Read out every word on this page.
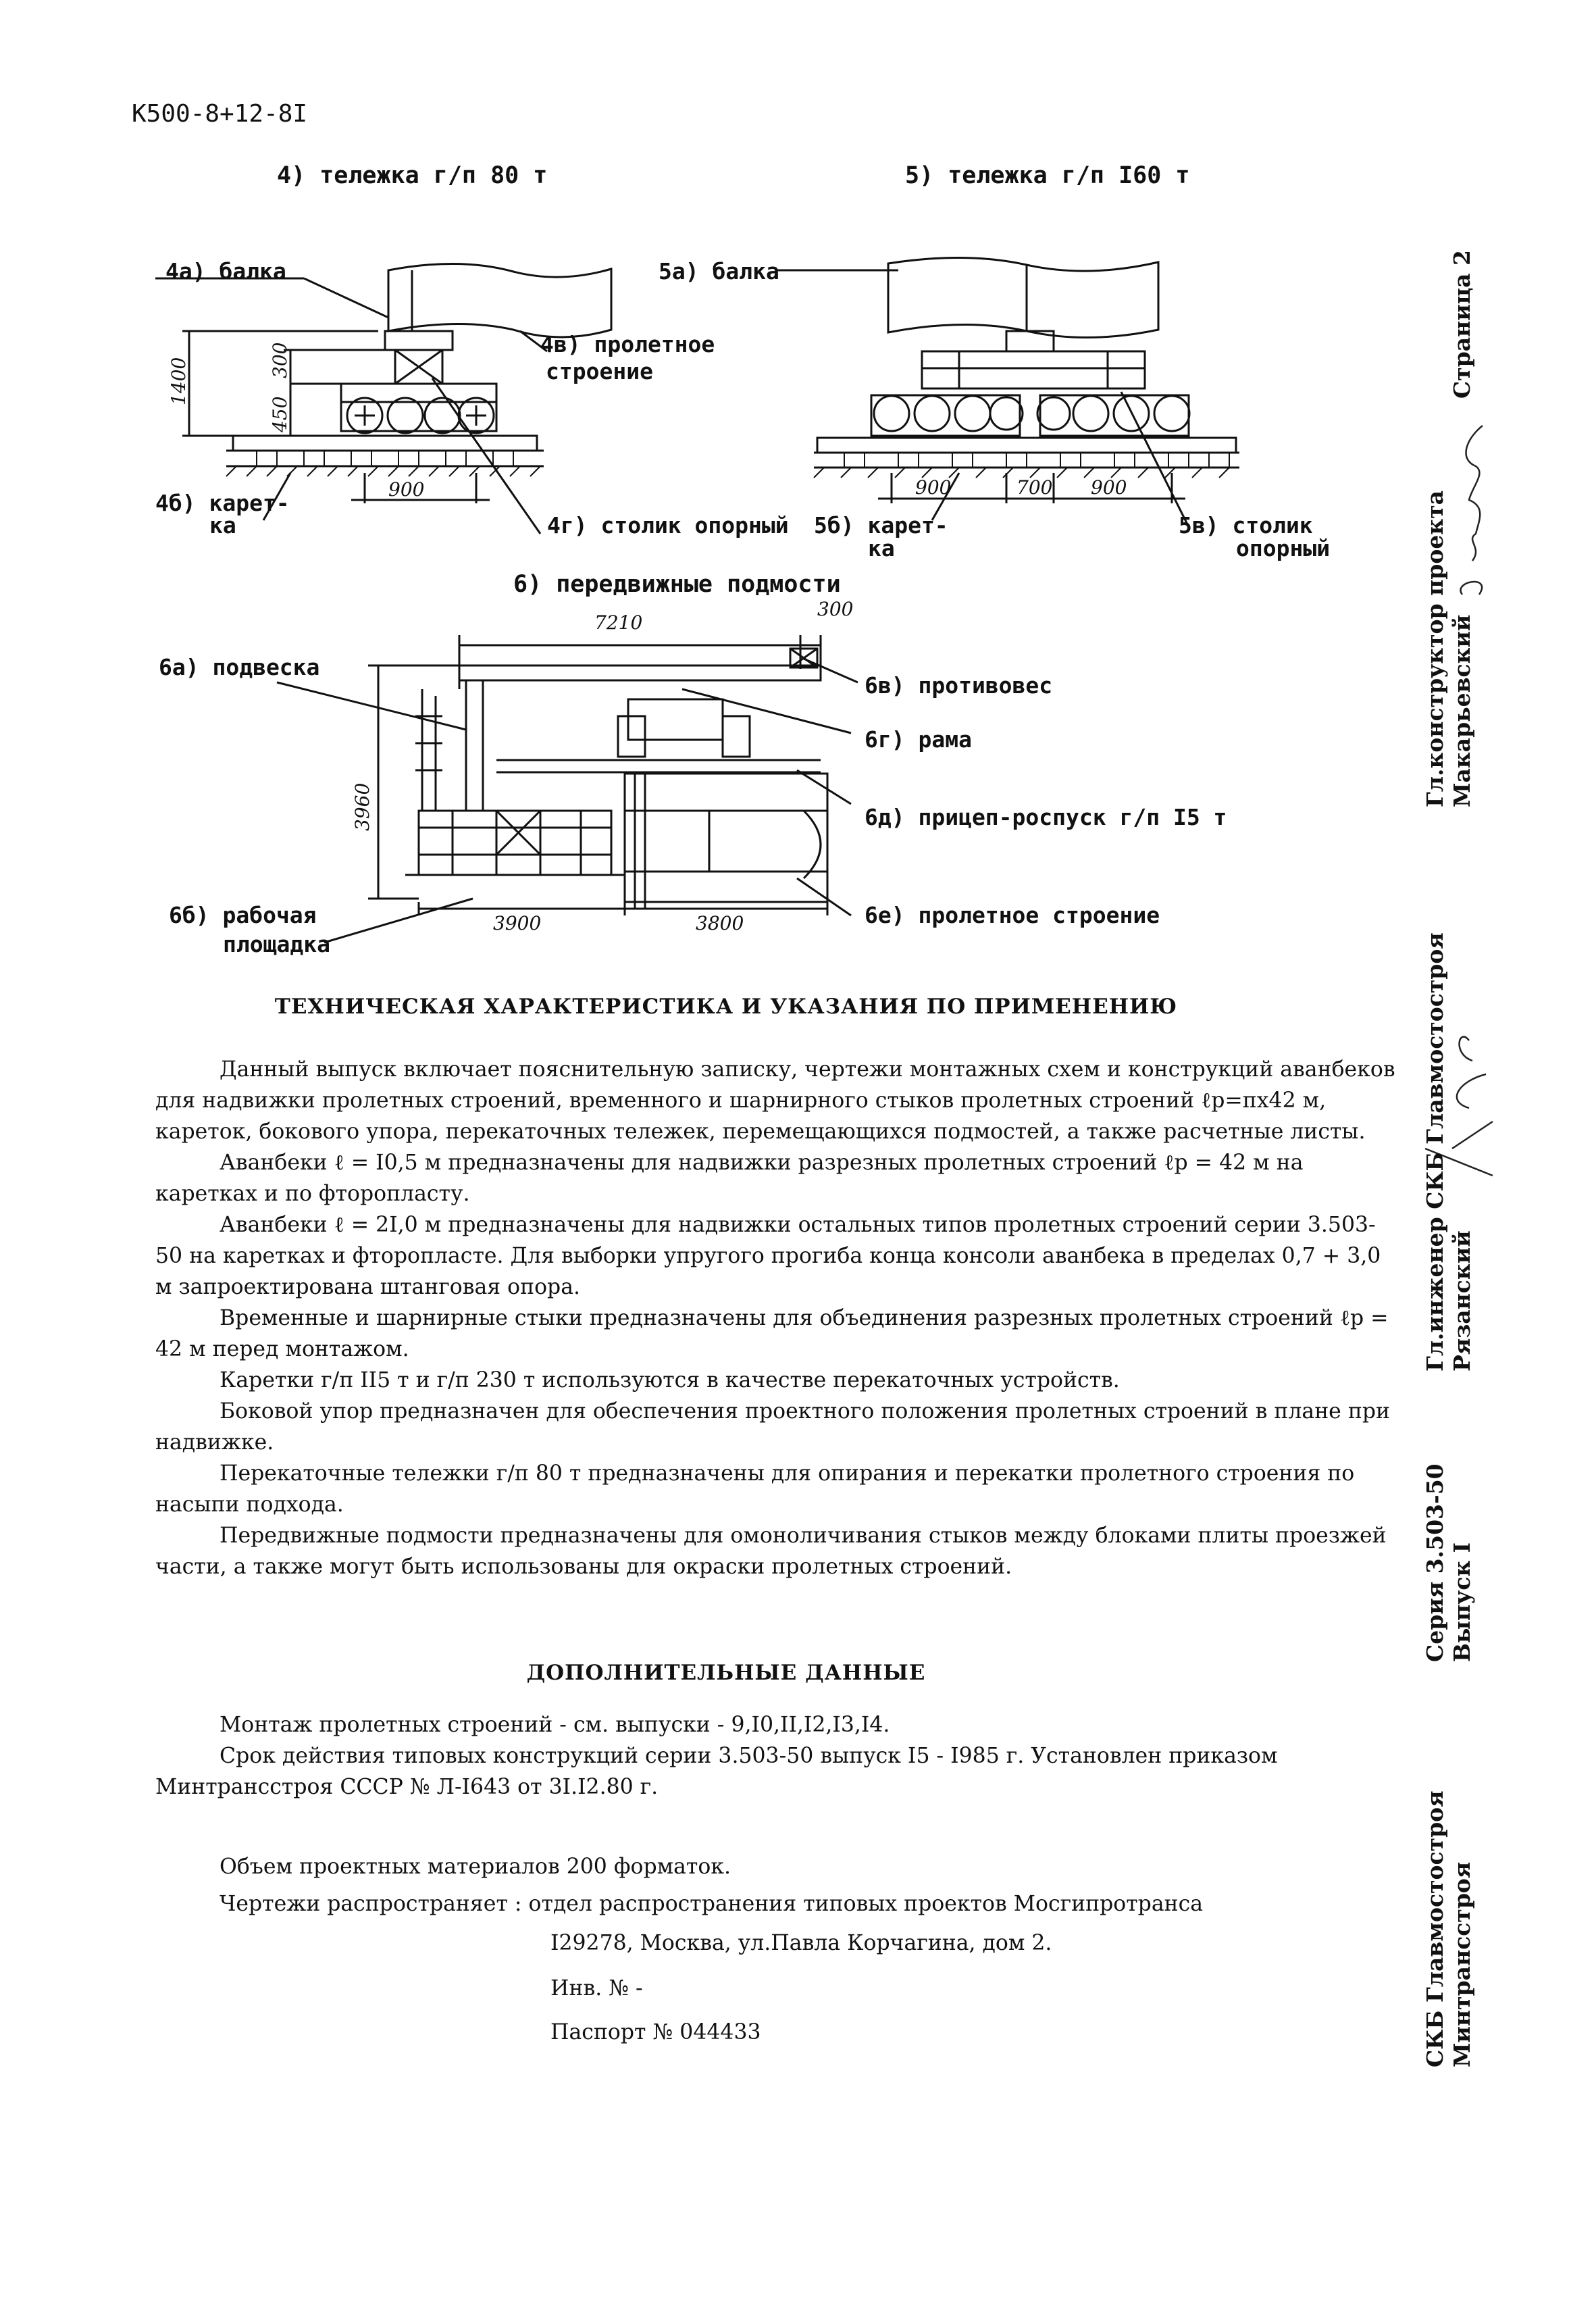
К500-8+12-8I
4) тележка г/п 80 т
4а) балка
4в) пролетное
строение
4б) карет-
ка	4г) столик опорный
1400
450
300
900
5) тележка г/п I60 т
5а) балка
5б) карет-
ка
5в) столик
опорный
900	700 900
6) передвижные подмости
7210
300
3960
3900	3800
6а) подвеска
6в) противовес
6г) рама
6д) прицеп-роспуск г/п I5 т
6е) пролетное строение
6б) рабочая
площадка
ТЕХНИЧЕСКАЯ ХАРАКТЕРИСТИКА И УКАЗАНИЯ ПО ПРИМЕНЕНИЮ
Данный выпуск включает пояснительную записку, чертежи монтажных схем и конструкций аванбеков для надвижки пролетных строений, временного и шарнирного стыков пролетных строений ℓр=пх42 м, кареток, бокового упора, перекаточных тележек, перемещающихся подмостей, а также расчетные листы.
Аванбеки ℓ = I0,5 м предназначены для надвижки разрезных пролетных строений ℓр = 42 м на каретках и по фторопласту.
Аванбеки ℓ = 2I,0 м предназначены для надвижки остальных типов пролетных строений серии 3.503-50 на каретках и фторопласте. Для выборки упругого прогиба конца консоли аванбека в пределах 0,7 + 3,0 м запроектирована штанговая опора.
Временные и шарнирные стыки предназначены для объединения разрезных пролетных строений ℓр = 42 м перед монтажом.
Каретки г/п II5 т и г/п 230 т используются в качестве перекаточных устройств.
Боковой упор предназначен для обеспечения проектного положения пролетных строений в плане при надвижке.
Перекаточные тележки г/п 80 т предназначены для опирания и перекатки пролетного строения по насыпи подхода.
Передвижные подмости предназначены для омоноличивания стыков между блоками плиты проезжей части, а также могут быть использованы для окраски пролетных строений.
ДОПОЛНИТЕЛЬНЫЕ ДАННЫЕ
Монтаж пролетных строений - см. выпуски - 9,I0,II,I2,I3,I4.
Срок действия типовых конструкций серии 3.503-50 выпуск I5 - I985 г. Установлен приказом Минтрансстроя СССР № Л-I643 от 3I.I2.80 г.
Объем проектных материалов 200 форматок.
Чертежи распространяет : отдел распространения типовых проектов Мосгипротранса
I29278, Москва, ул.Павла Корчагина, дом 2.
Инв. № -
Паспорт № 044433
Страница 2
Гл.конструктор проекта Макарьевский
Гл.инженер СКБ Главмостостроя Рязанский
Серия 3.503-50 Выпуск I
СКБ Главмостостроя Минтрансстроя
